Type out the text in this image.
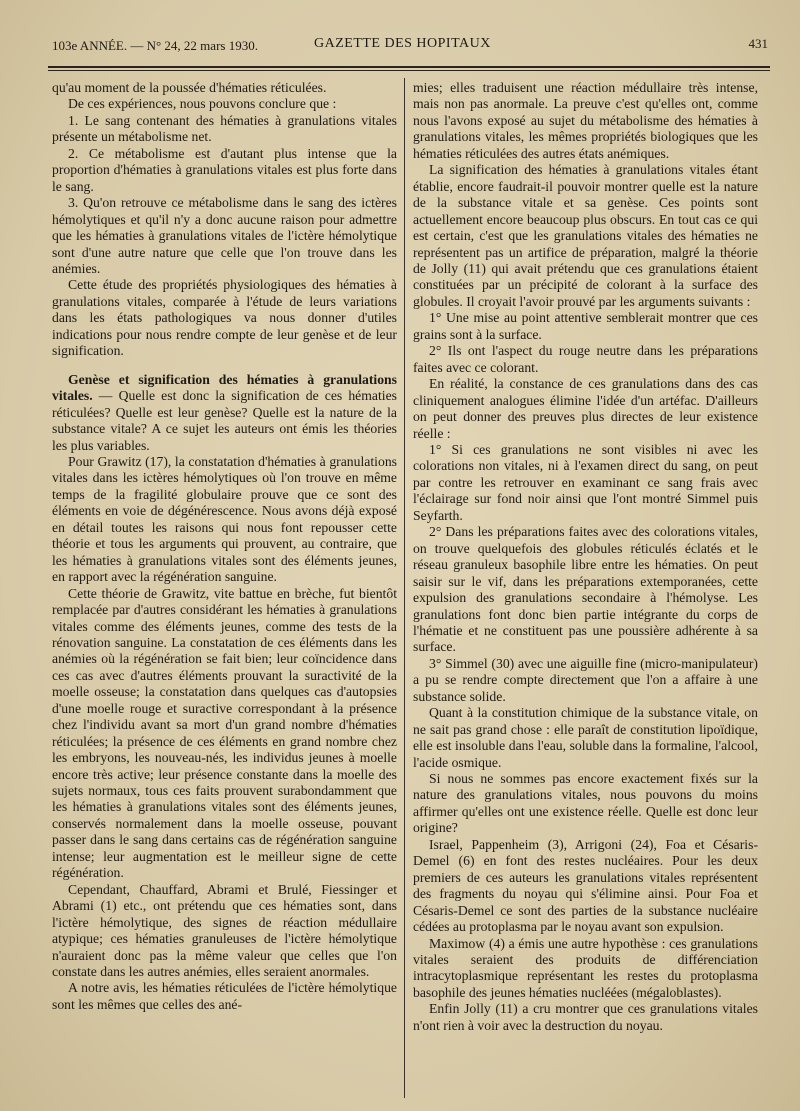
103e ANNÉE. — N° 24, 22 mars 1930.	GAZETTE DES HOPITAUX	431

qu'au moment de la poussée d'hématies réticulées.

De ces expériences, nous pouvons conclure que :

1. Le sang contenant des hématies à granulations vitales présente un métabolisme net.

2. Ce métabolisme est d'autant plus intense que la proportion d'hématies à granulations vitales est plus forte dans le sang.

3. Qu'on retrouve ce métabolisme dans le sang des ictères hémolytiques et qu'il n'y a donc aucune raison pour admettre que les hématies à granulations vitales de l'ictère hémolytique sont d'une autre nature que celle que l'on trouve dans les anémies.

Cette étude des propriétés physiologiques des hématies à granulations vitales, comparée à l'étude de leurs variations dans les états pathologiques va nous donner d'utiles indications pour nous rendre compte de leur genèse et de leur signification.

Genèse et signification des hématies à granulations vitales. — Quelle est donc la signification de ces hématies réticulées? Quelle est leur genèse? Quelle est la nature de la substance vitale? A ce sujet les auteurs ont émis les théories les plus variables.

Pour Grawitz (17), la constatation d'hématies à granulations vitales dans les ictères hémolytiques où l'on trouve en même temps de la fragilité globulaire prouve que ce sont des éléments en voie de dégénérescence. Nous avons déjà exposé en détail toutes les raisons qui nous font repousser cette théorie et tous les arguments qui prouvent, au contraire, que les hématies à granulations vitales sont des éléments jeunes, en rapport avec la régénération sanguine.

Cette théorie de Grawitz, vite battue en brèche, fut bientôt remplacée par d'autres considérant les hématies à granulations vitales comme des éléments jeunes, comme des tests de la rénovation sanguine. La constatation de ces éléments dans les anémies où la régénération se fait bien; leur coïncidence dans ces cas avec d'autres éléments prouvant la suractivité de la moelle osseuse; la constatation dans quelques cas d'autopsies d'une moelle rouge et suractive correspondant à la présence chez l'individu avant sa mort d'un grand nombre d'hématies réticulées; la présence de ces éléments en grand nombre chez les embryons, les nouveau-nés, les individus jeunes à moelle encore très active; leur présence constante dans la moelle des sujets normaux, tous ces faits prouvent surabondamment que les hématies à granulations vitales sont des éléments jeunes, conservés normalement dans la moelle osseuse, pouvant passer dans le sang dans certains cas de régénération sanguine intense; leur augmentation est le meilleur signe de cette régénération.

Cependant, Chauffard, Abrami et Brulé, Fiessinger et Abrami (1) etc., ont prétendu que ces hématies sont, dans l'ictère hémolytique, des signes de réaction médullaire atypique; ces hématies granuleuses de l'ictère hémolytique n'auraient donc pas la même valeur que celles que l'on constate dans les autres anémies, elles seraient anormales.

A notre avis, les hématies réticulées de l'ictère hémolytique sont les mêmes que celles des ané-

mies; elles traduisent une réaction médullaire très intense, mais non pas anormale. La preuve c'est qu'elles ont, comme nous l'avons exposé au sujet du métabolisme des hématies à granulations vitales, les mêmes propriétés biologiques que les hématies réticulées des autres états anémiques.

La signification des hématies à granulations vitales étant établie, encore faudrait-il pouvoir montrer quelle est la nature de la substance vitale et sa genèse. Ces points sont actuellement encore beaucoup plus obscurs. En tout cas ce qui est certain, c'est que les granulations vitales des hématies ne représentent pas un artifice de préparation, malgré la théorie de Jolly (11) qui avait prétendu que ces granulations étaient constituées par un précipité de colorant à la surface des globules. Il croyait l'avoir prouvé par les arguments suivants :

1° Une mise au point attentive semblerait montrer que ces grains sont à la surface.

2° Ils ont l'aspect du rouge neutre dans les préparations faites avec ce colorant.

En réalité, la constance de ces granulations dans des cas cliniquement analogues élimine l'idée d'un artéfac. D'ailleurs on peut donner des preuves plus directes de leur existence réelle :

1° Si ces granulations ne sont visibles ni avec les colorations non vitales, ni à l'examen direct du sang, on peut par contre les retrouver en examinant ce sang frais avec l'éclairage sur fond noir ainsi que l'ont montré Simmel puis Seyfarth.

2° Dans les préparations faites avec des colorations vitales, on trouve quelquefois des globules réticulés éclatés et le réseau granuleux basophile libre entre les hématies. On peut saisir sur le vif, dans les préparations extemporanées, cette expulsion des granulations secondaire à l'hémolyse. Les granulations font donc bien partie intégrante du corps de l'hématie et ne constituent pas une poussière adhérente à sa surface.

3° Simmel (30) avec une aiguille fine (micro-manipulateur) a pu se rendre compte directement que l'on a affaire à une substance solide.

Quant à la constitution chimique de la substance vitale, on ne sait pas grand chose : elle paraît de constitution lipoïdique, elle est insoluble dans l'eau, soluble dans la formaline, l'alcool, l'acide osmique.

Si nous ne sommes pas encore exactement fixés sur la nature des granulations vitales, nous pouvons du moins affirmer qu'elles ont une existence réelle. Quelle est donc leur origine?

Israel, Pappenheim (3), Arrigoni (24), Foa et Césaris-Demel (6) en font des restes nucléaires. Pour les deux premiers de ces auteurs les granulations vitales représentent des fragments du noyau qui s'élimine ainsi. Pour Foa et Césaris-Demel ce sont des parties de la substance nucléaire cédées au protoplasma par le noyau avant son expulsion.

Maximow (4) a émis une autre hypothèse : ces granulations vitales seraient des produits de différenciation intracytoplasmique représentant les restes du protoplasma basophile des jeunes hématies nucléées (mégaloblastes).

Enfin Jolly (11) a cru montrer que ces granulations vitales n'ont rien à voir avec la destruction du noyau.
